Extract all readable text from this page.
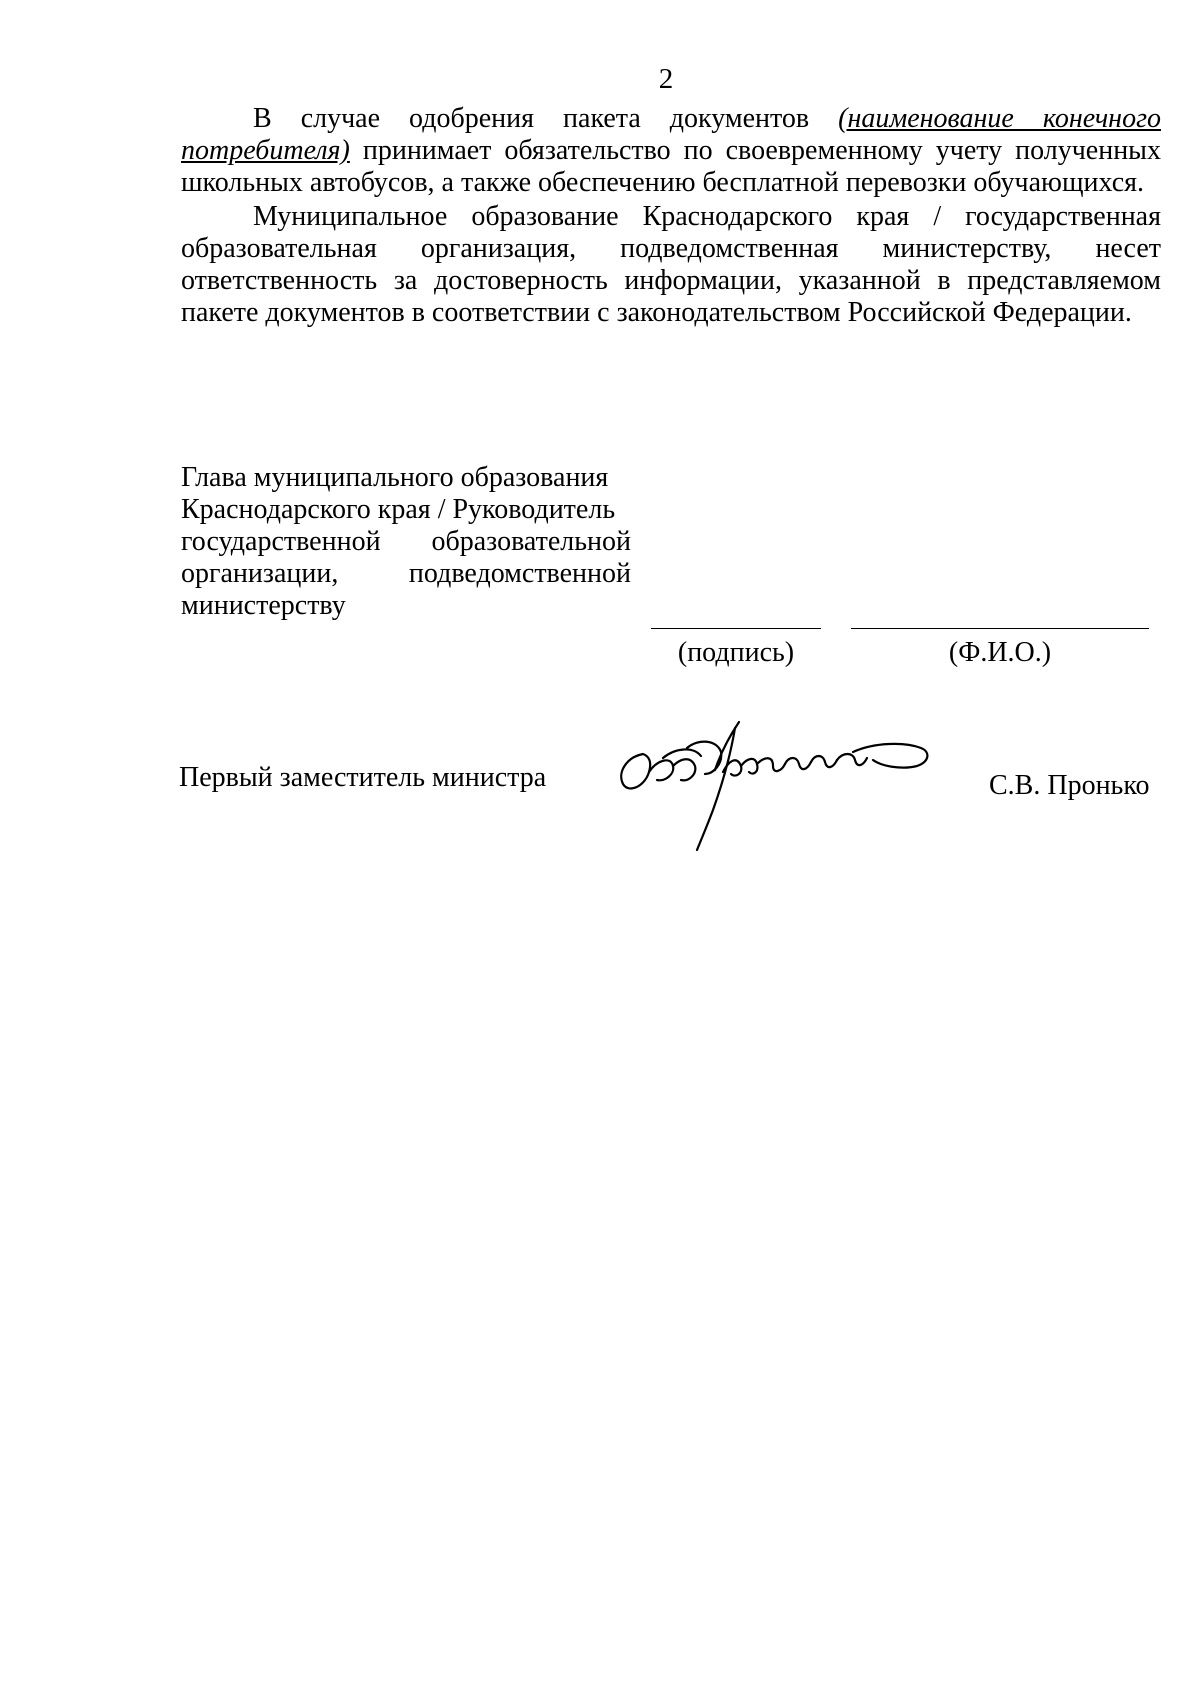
2

В случае одобрения пакета документов (наименование конечного потребителя) принимает обязательство по своевременному учету полученных школьных автобусов, а также обеспечению бесплатной перевозки обучающихся.

Муниципальное образование Краснодарского края / государственная образовательная организация, подведомственная министерству, несет ответственность за достоверность информации, указанной в представляемом пакете документов в соответствии с законодательством Российской Федерации.

Глава муниципального образования
Краснодарского края / Руководитель
государственной образовательной
организации, подведомственной
министерству
(подпись)	(Ф.И.О.)
Первый заместитель министра	С.В. Пронько
